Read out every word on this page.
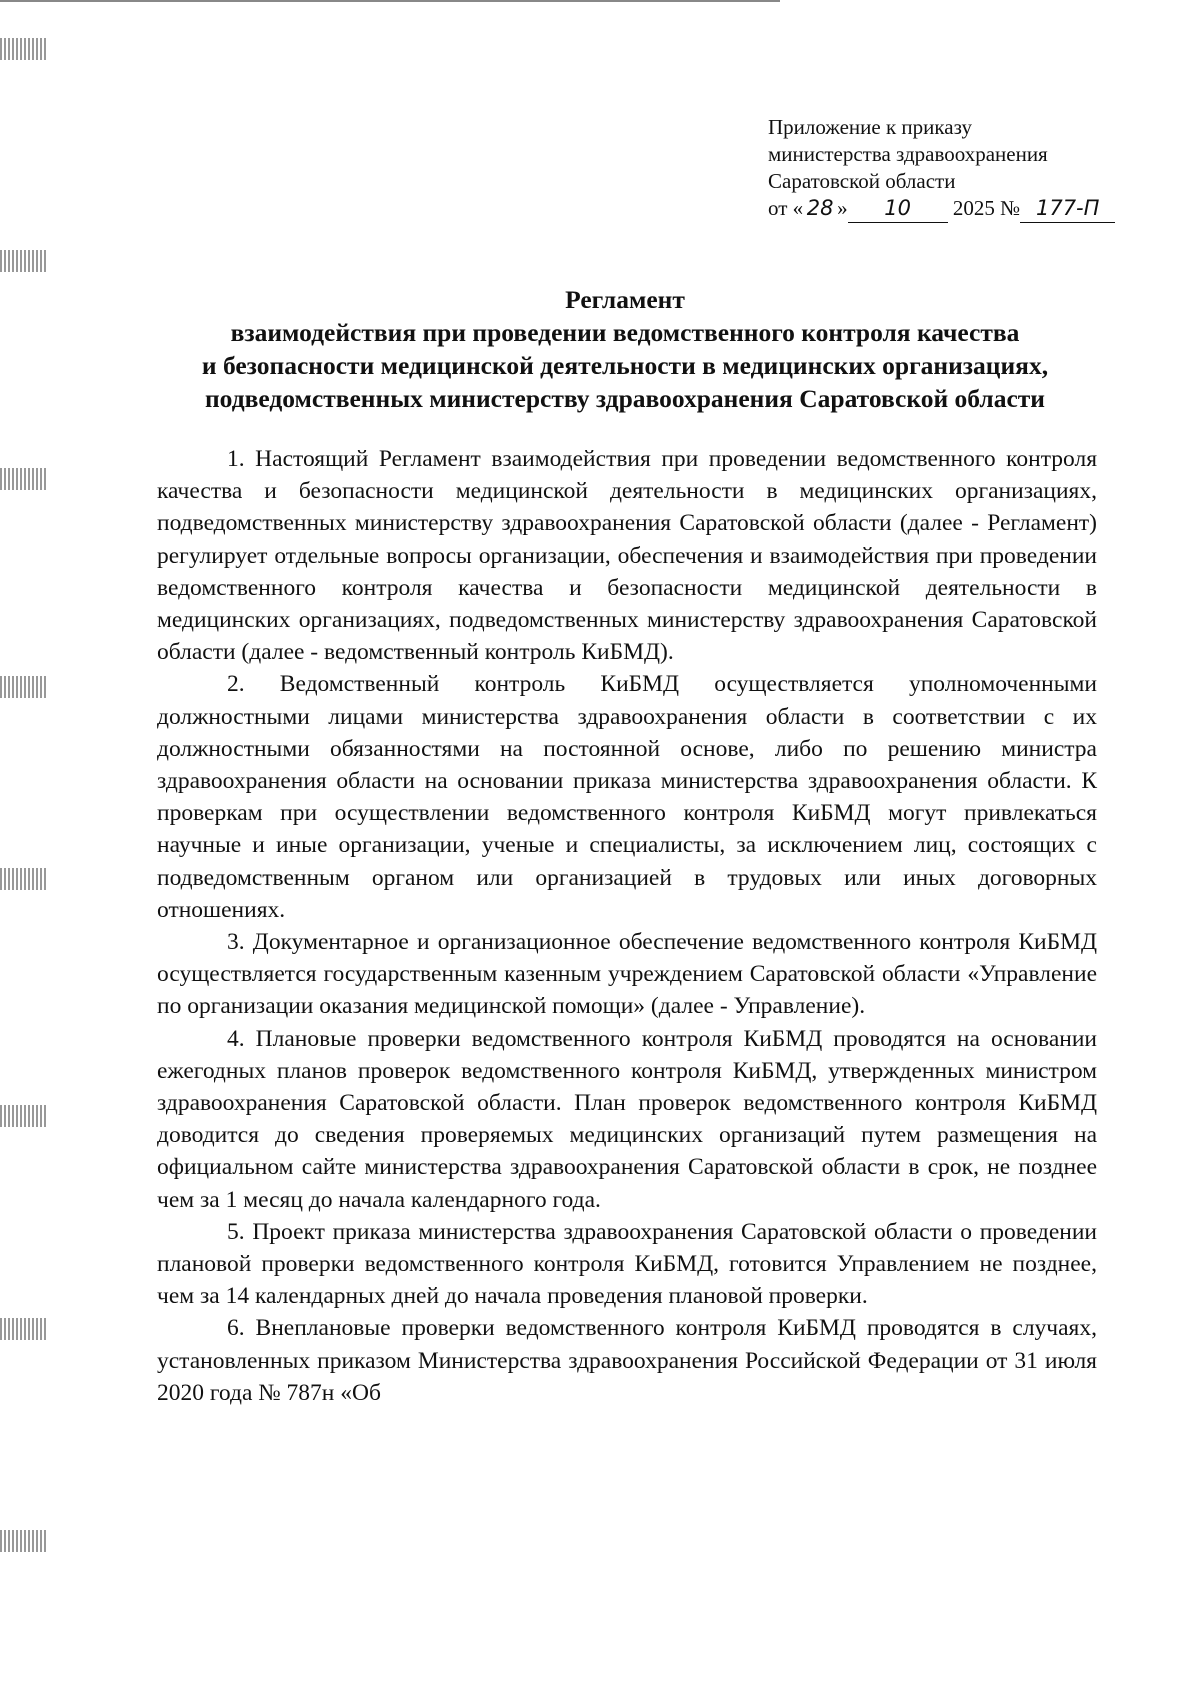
Приложение к приказу
министерства здравоохранения
Саратовской области
от « 28 » 10 2025 № 177-П
Регламент
взаимодействия при проведении ведомственного контроля качества
и безопасности медицинской деятельности в медицинских организациях,
подведомственных министерству здравоохранения Саратовской области

1. Настоящий Регламент взаимодействия при проведении ведомственного контроля качества и безопасности медицинской деятельности в медицинских организациях, подведомственных министерству здравоохранения Саратовской области (далее - Регламент) регулирует отдельные вопросы организации, обеспечения и взаимодействия при проведении ведомственного контроля качества и безопасности медицинской деятельности в медицинских организациях, подведомственных министерству здравоохранения Саратовской области (далее - ведомственный контроль КиБМД).

2. Ведомственный контроль КиБМД осуществляется уполномоченными должностными лицами министерства здравоохранения области в соответствии с их должностными обязанностями на постоянной основе, либо по решению министра здравоохранения области на основании приказа министерства здравоохранения области. К проверкам при осуществлении ведомственного контроля КиБМД могут привлекаться научные и иные организации, ученые и специалисты, за исключением лиц, состоящих с подведомственным органом или организацией в трудовых или иных договорных отношениях.

3. Документарное и организационное обеспечение ведомственного контроля КиБМД осуществляется государственным казенным учреждением Саратовской области «Управление по организации оказания медицинской помощи» (далее - Управление).

4. Плановые проверки ведомственного контроля КиБМД проводятся на основании ежегодных планов проверок ведомственного контроля КиБМД, утвержденных министром здравоохранения Саратовской области. План проверок ведомственного контроля КиБМД доводится до сведения проверяемых медицинских организаций путем размещения на официальном сайте министерства здравоохранения Саратовской области в срок, не позднее чем за 1 месяц до начала календарного года.

5. Проект приказа министерства здравоохранения Саратовской области о проведении плановой проверки ведомственного контроля КиБМД, готовится Управлением не позднее, чем за 14 календарных дней до начала проведения плановой проверки.

6. Внеплановые проверки ведомственного контроля КиБМД проводятся в случаях, установленных приказом Министерства здравоохранения Российской Федерации от 31 июля 2020 года № 787н «Об
